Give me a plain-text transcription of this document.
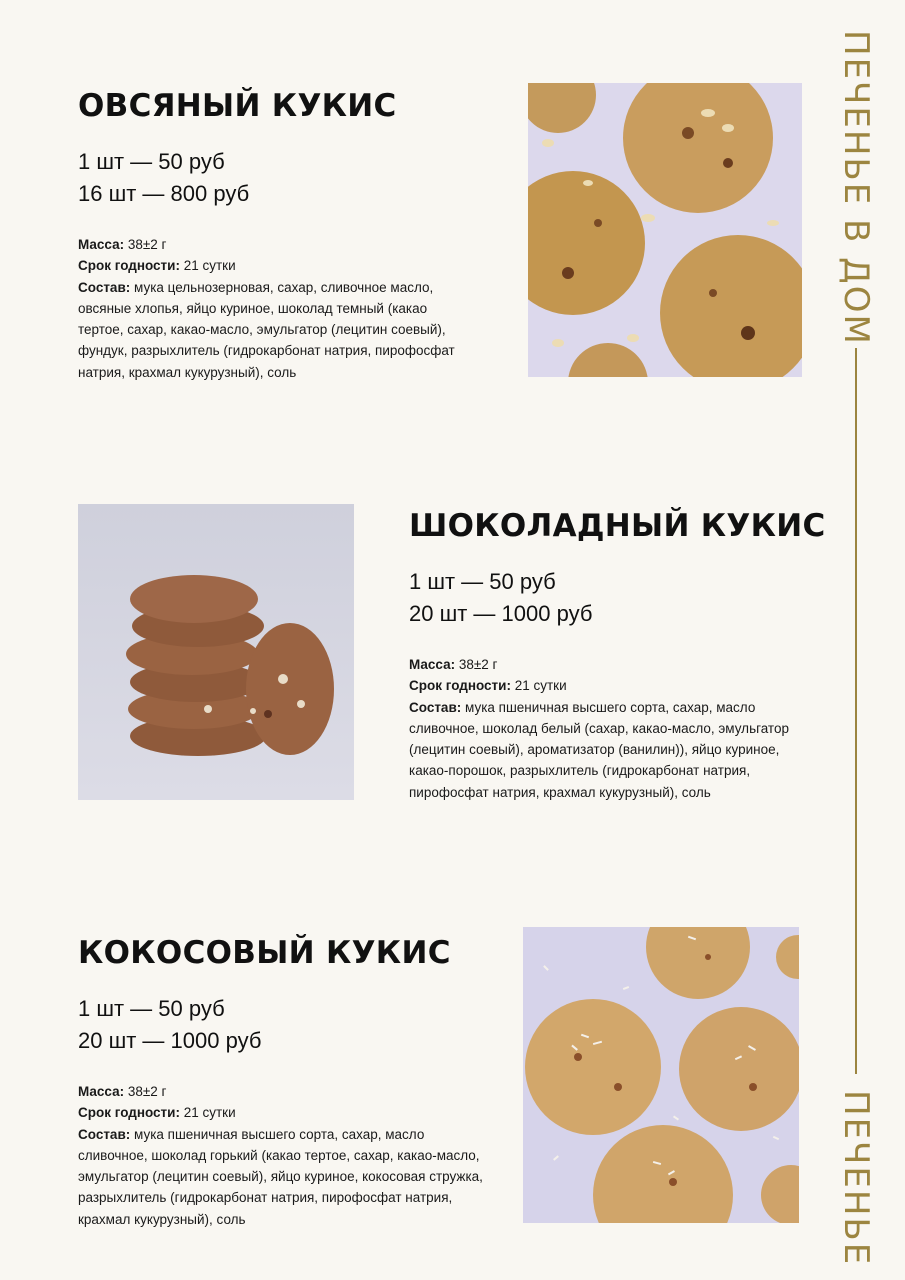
ОВСЯНЫЙ КУКИС
1 шт — 50 руб
16 шт — 800 руб
Масса: 38±2 г
Срок годности: 21 сутки
Состав: мука цельнозерновая, сахар, сливочное масло, овсяные хлопья, яйцо куриное, шоколад темный (какао тертое, сахар, какао-масло, эмульгатор (лецитин соевый), фундук, разрыхлитель (гидрокарбонат натрия, пирофосфат натрия, крахмал кукурузный), соль
ШОКОЛАДНЫЙ КУКИС
1 шт — 50 руб
20 шт — 1000 руб
Масса: 38±2 г
Срок годности: 21 сутки
Состав: мука пшеничная высшего сорта, сахар, масло сливочное, шоколад белый (сахар, какао-масло, эмульгатор (лецитин соевый), ароматизатор (ванилин)), яйцо куриное, какао-порошок, разрыхлитель (гидрокарбонат натрия, пирофосфат натрия, крахмал кукурузный), соль
КОКОСОВЫЙ КУКИС
1 шт — 50 руб
20 шт — 1000 руб
Масса: 38±2 г
Срок годности: 21 сутки
Состав: мука пшеничная высшего сорта, сахар, масло сливочное, шоколад горький (какао тертое, сахар, какао-масло, эмульгатор (лецитин соевый), яйцо куриное, кокосовая стружка, разрыхлитель (гидрокарбонат натрия, пирофосфат натрия, крахмал кукурузный), соль
ПЕЧЕНЬЕ В ДОМ
ПЕЧЕНЬЕ
